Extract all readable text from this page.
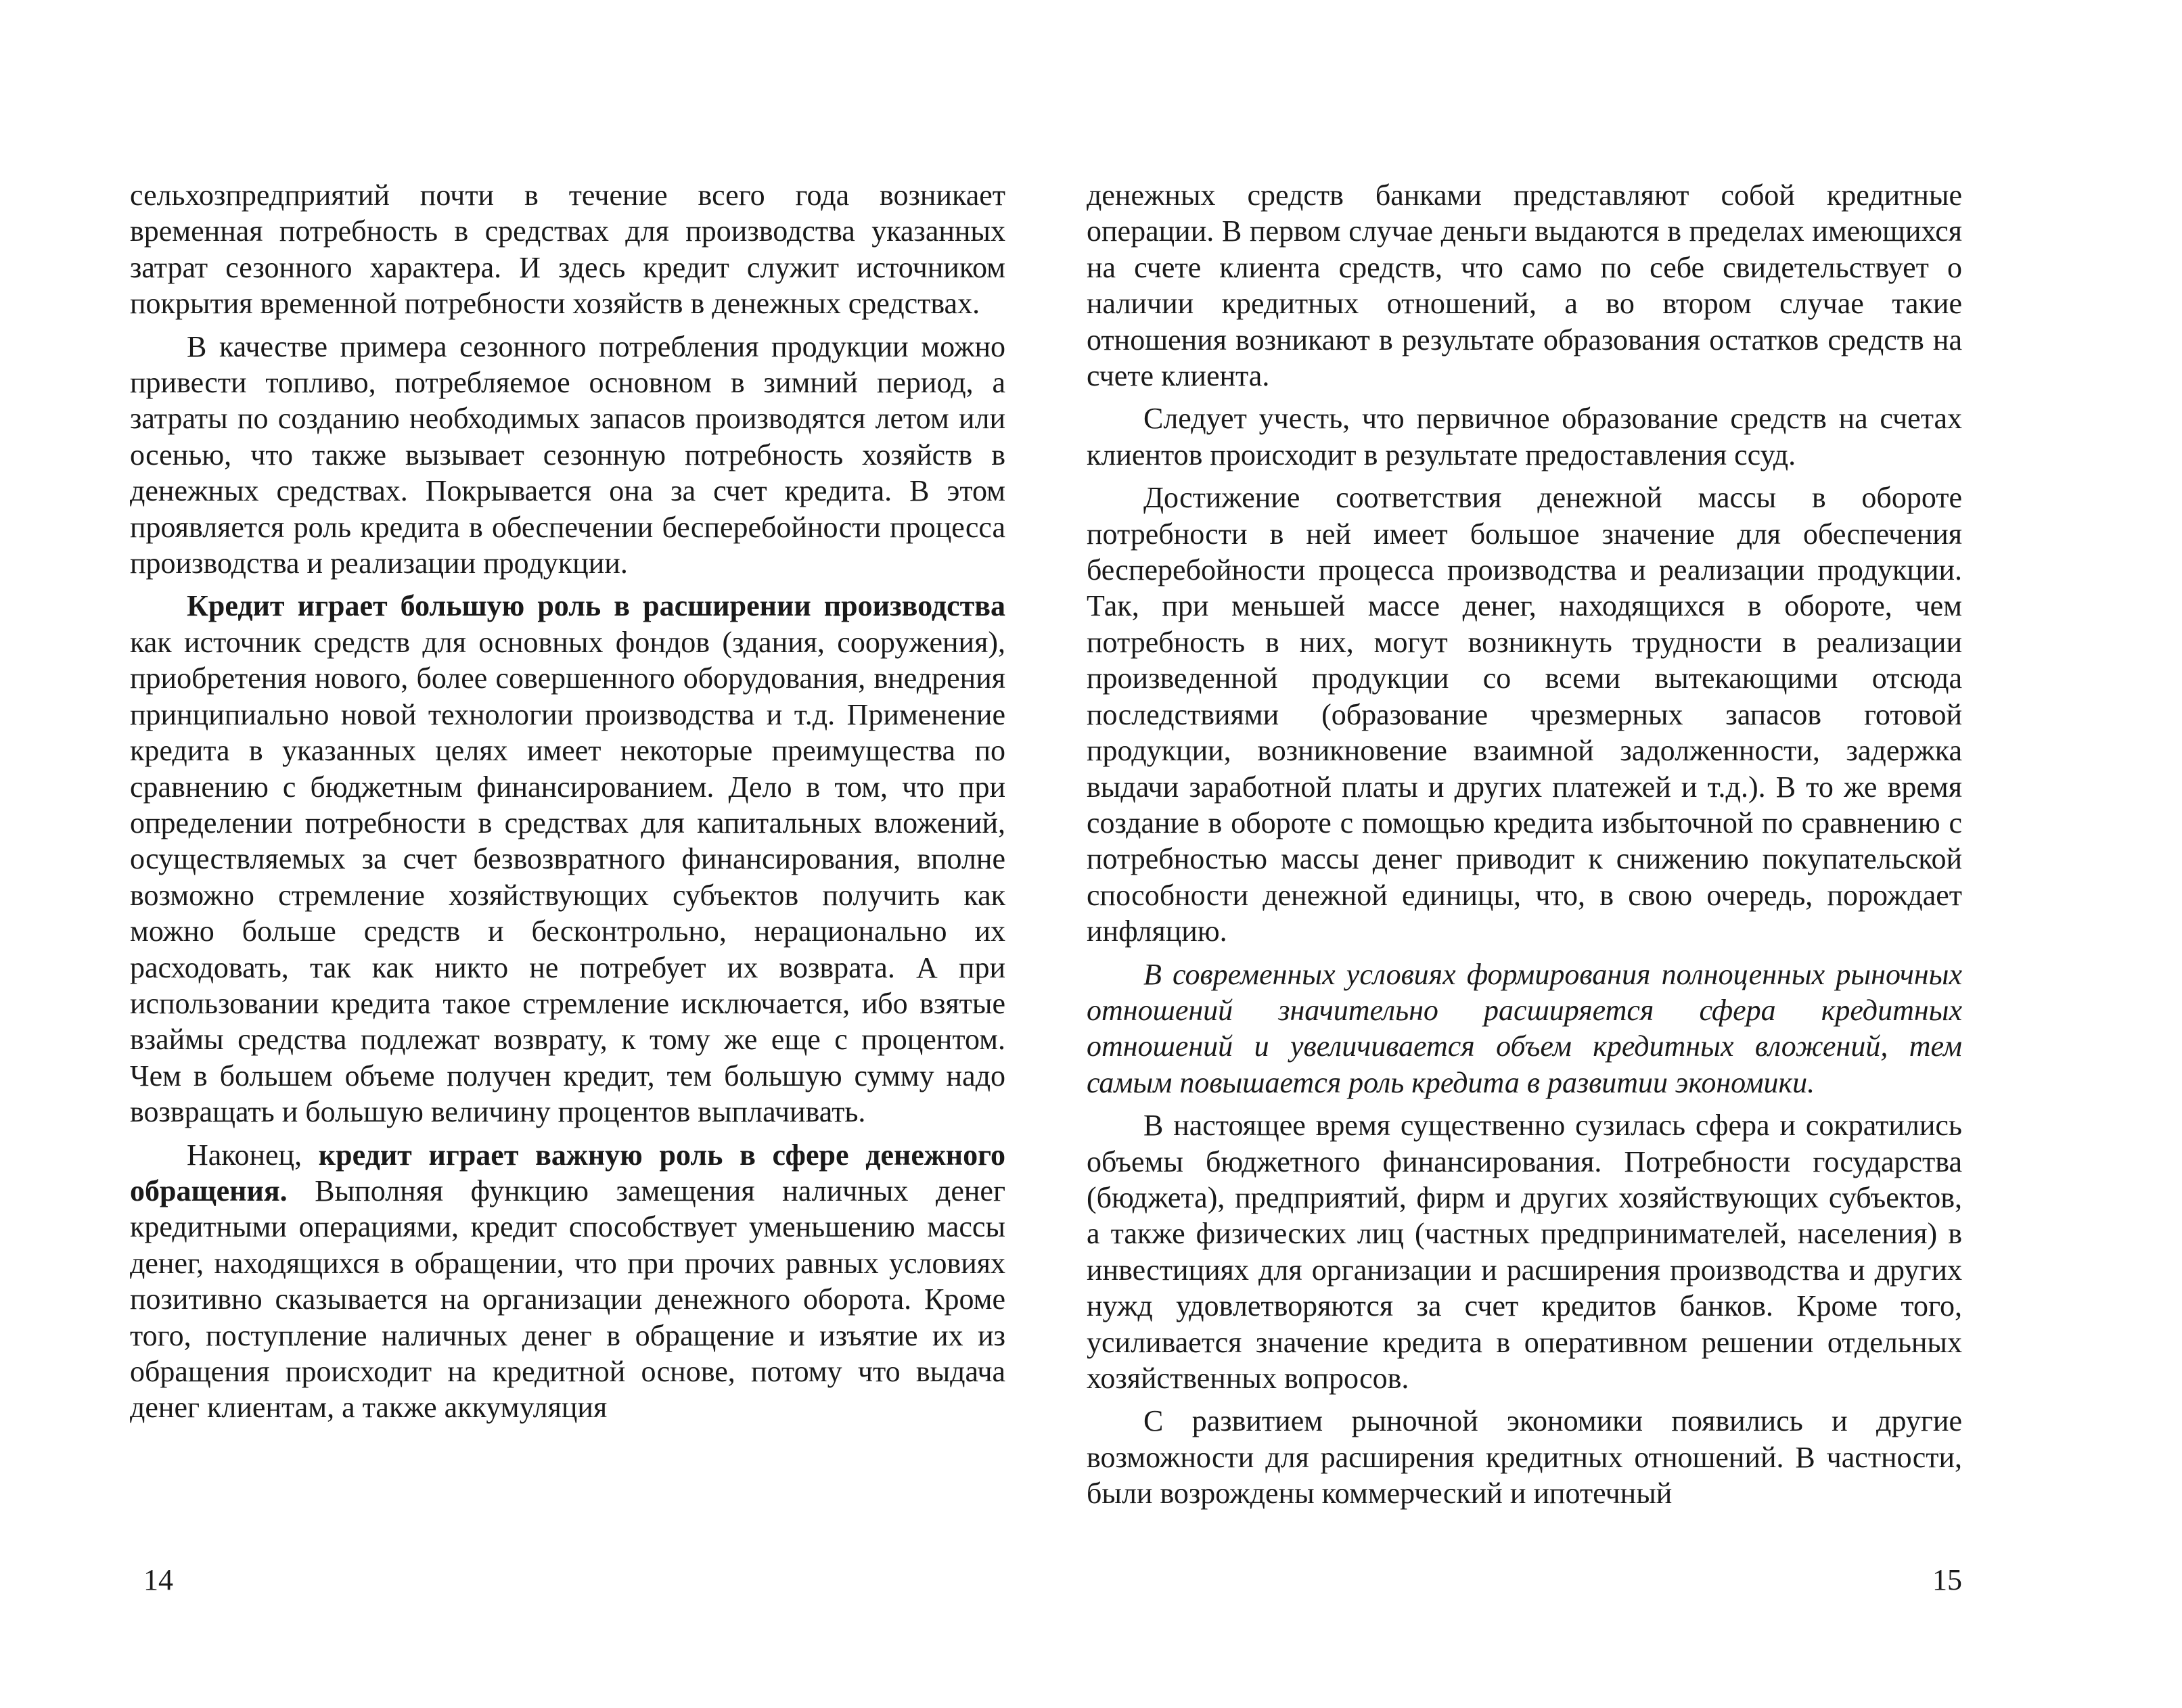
сельхозпредприятий почти в течение всего года возникает временная потребность в средствах для производства указанных затрат сезонного характера. И здесь кредит служит источником покрытия временной потребности хозяйств в денежных средствах.

В качестве примера сезонного потребления продукции можно привести топливо, потребляемое основном в зимний период, а затраты по созданию необходимых запасов производятся летом или осенью, что также вызывает сезонную потребность хозяйств в денежных средствах. Покрывается она за счет кредита. В этом проявляется роль кредита в обеспечении бесперебойности процесса производства и реализации продукции.

Кредит играет большую роль в расширении производства как источник средств для основных фондов (здания, сооружения), приобретения нового, более совершенного оборудования, внедрения принципиально новой технологии производства и т.д. Применение кредита в указанных целях имеет некоторые преимущества по сравнению с бюджетным финансированием. Дело в том, что при определении потребности в средствах для капитальных вложений, осуществляемых за счет безвозвратного финансирования, вполне возможно стремление хозяйствующих субъектов получить как можно больше средств и бесконтрольно, нерационально их расходовать, так как никто не потребует их возврата. А при использовании кредита такое стремление исключается, ибо взятые взаймы средства подлежат возврату, к тому же еще с процентом. Чем в большем объеме получен кредит, тем большую сумму надо возвращать и большую величину процентов выплачивать.

Наконец, кредит играет важную роль в сфере денежного обращения. Выполняя функцию замещения наличных денег кредитными операциями, кредит способствует уменьшению массы денег, находящихся в обращении, что при прочих равных условиях позитивно сказывается на организации денежного оборота. Кроме того, поступление наличных денег в обращение и изъятие их из обращения происходит на кредитной основе, потому что выдача денег клиентам, а также аккумуляция

14

денежных средств банками представляют собой кредитные операции. В первом случае деньги выдаются в пределах имеющихся на счете клиента средств, что само по себе свидетельствует о наличии кредитных отношений, а во втором случае такие отношения возникают в результате образования остатков средств на счете клиента.

Следует учесть, что первичное образование средств на счетах клиентов происходит в результате предоставления ссуд.

Достижение соответствия денежной массы в обороте потребности в ней имеет большое значение для обеспечения бесперебойности процесса производства и реализации продукции. Так, при меньшей массе денег, находящихся в обороте, чем потребность в них, могут возникнуть трудности в реализации произведенной продукции со всеми вытекающими отсюда последствиями (образование чрезмерных запасов готовой продукции, возникновение взаимной задолженности, задержка выдачи заработной платы и других платежей и т.д.). В то же время создание в обороте с помощью кредита избыточной по сравнению с потребностью массы денег приводит к снижению покупательской способности денежной единицы, что, в свою очередь, порождает инфляцию.

В современных условиях формирования полноценных рыночных отношений значительно расширяется сфера кредитных отношений и увеличивается объем кредитных вложений, тем самым повышается роль кредита в развитии экономики.

В настоящее время существенно сузилась сфера и сократились объемы бюджетного финансирования. Потребности государства (бюджета), предприятий, фирм и других хозяйствующих субъектов, а также физических лиц (частных предпринимателей, населения) в инвестициях для организации и расширения производства и других нужд удовлетворяются за счет кредитов банков. Кроме того, усиливается значение кредита в оперативном решении отдельных хозяйственных вопросов.

С развитием рыночной экономики появились и другие возможности для расширения кредитных отношений. В частности, были возрождены коммерческий и ипотечный

15
